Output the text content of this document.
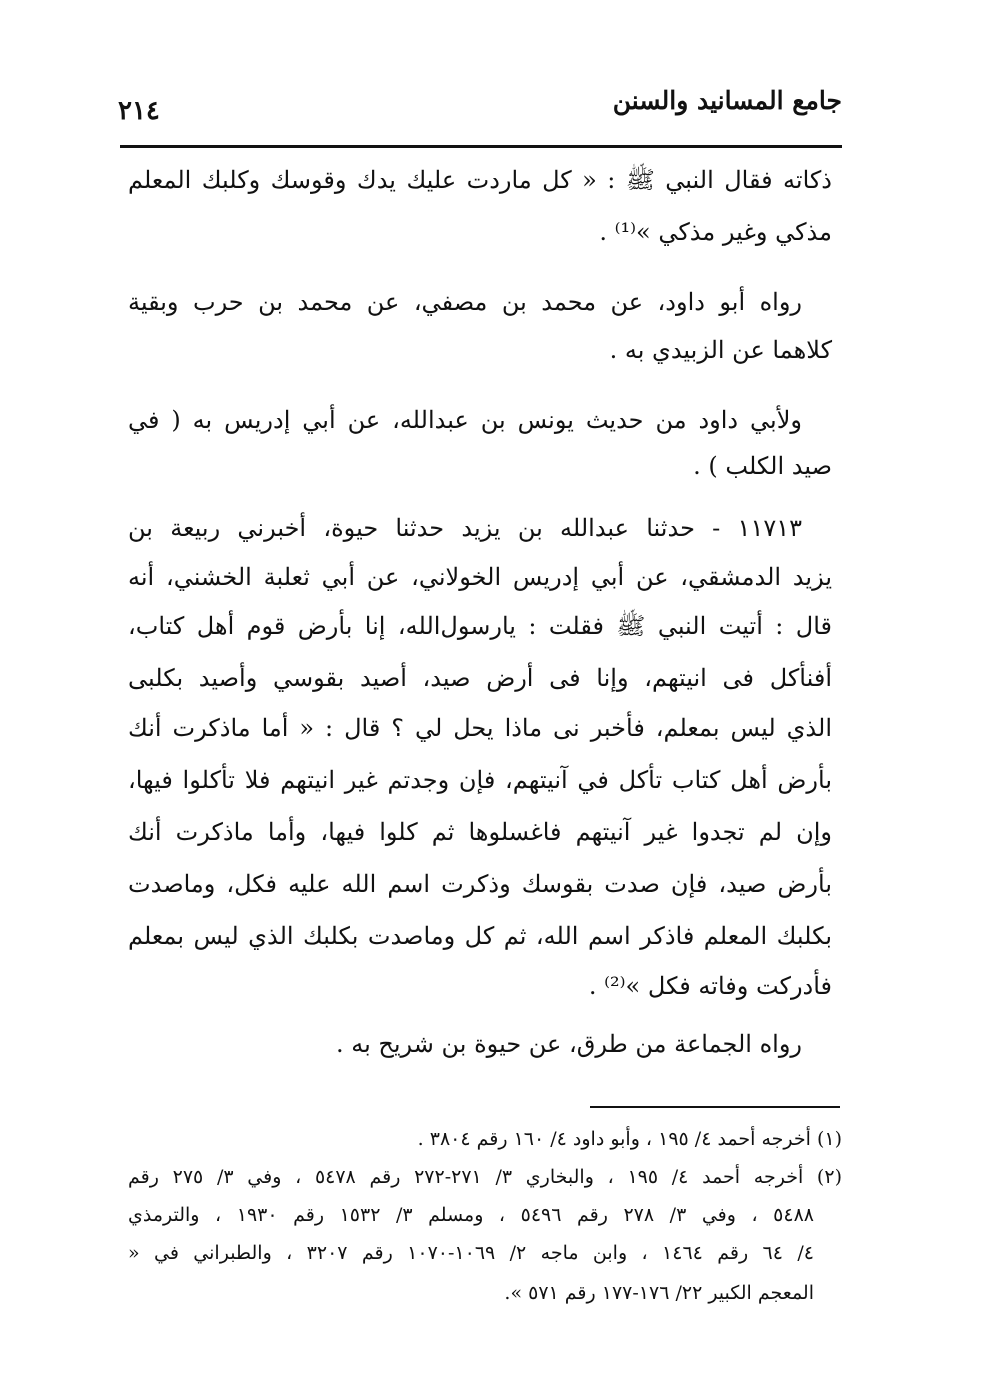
جامع المسانيد والسنن
٢١٤
ذكاته فقال النبي ﷺ : « كل ماردت عليك يدك وقوسك وكلبك المعلم
مذكي وغير مذكي »⁽¹⁾ .
رواه أبو داود، عن محمد بن مصفي، عن محمد بن حرب وبقية
كلاهما عن الزبيدي به .
ولأبي داود من حديث يونس بن عبدالله، عن أبي إدريس به ( في
صيد الكلب ) .
١١٧١٣ - حدثنا عبدالله بن يزيد حدثنا حيوة، أخبرني ربيعة بن
يزيد الدمشقي، عن أبي إدريس الخولاني، عن أبي ثعلبة الخشني، أنه
قال : أتيت النبي ﷺ فقلت : يارسول‌الله، إنا بأرض قوم أهل كتاب،
أفنأكل فى انيتهم، وإنا فى أرض صيد، أصيد بقوسي وأصيد بكلبى
الذي ليس بمعلم، فأخبر نى ماذا يحل لي ؟ قال : « أما ماذكرت أنك
بأرض أهل كتاب تأكل في آنيتهم، فإن وجدتم غير انيتهم فلا تأكلوا فيها،
وإن لم تجدوا غير آنيتهم فاغسلوها ثم كلوا فيها، وأما ماذكرت أنك
بأرض صيد، فإن صدت بقوسك وذكرت اسم الله عليه فكل، وماصدت
بكلبك المعلم فاذكر اسم الله، ثم كل وماصدت بكلبك الذي ليس بمعلم
فأدركت وفاته فكل »⁽²⁾ .
رواه الجماعة من طرق، عن حيوة بن شريح به .
(١) أخرجه أحمد ٤/ ١٩٥ ، وأبو داود ٤/ ١٦٠ رقم ٣٨٠٤ .
(٢) أخرجه أحمد ٤/ ١٩٥ ، والبخاري ٣/ ٢٧١-٢٧٢ رقم ٥٤٧٨ ، وفي ٣/ ٢٧٥ رقم
٥٤٨٨ ، وفي ٣/ ٢٧٨ رقم ٥٤٩٦ ، ومسلم ٣/ ١٥٣٢ رقم ١٩٣٠ ، والترمذي
٤/ ٦٤ رقم ١٤٦٤ ، وابن ماجه ٢/ ١٠٦٩-١٠٧٠ رقم ٣٢٠٧ ، والطبراني في «
المعجم الكبير ٢٢/ ١٧٦-١٧٧ رقم ٥٧١ ».
